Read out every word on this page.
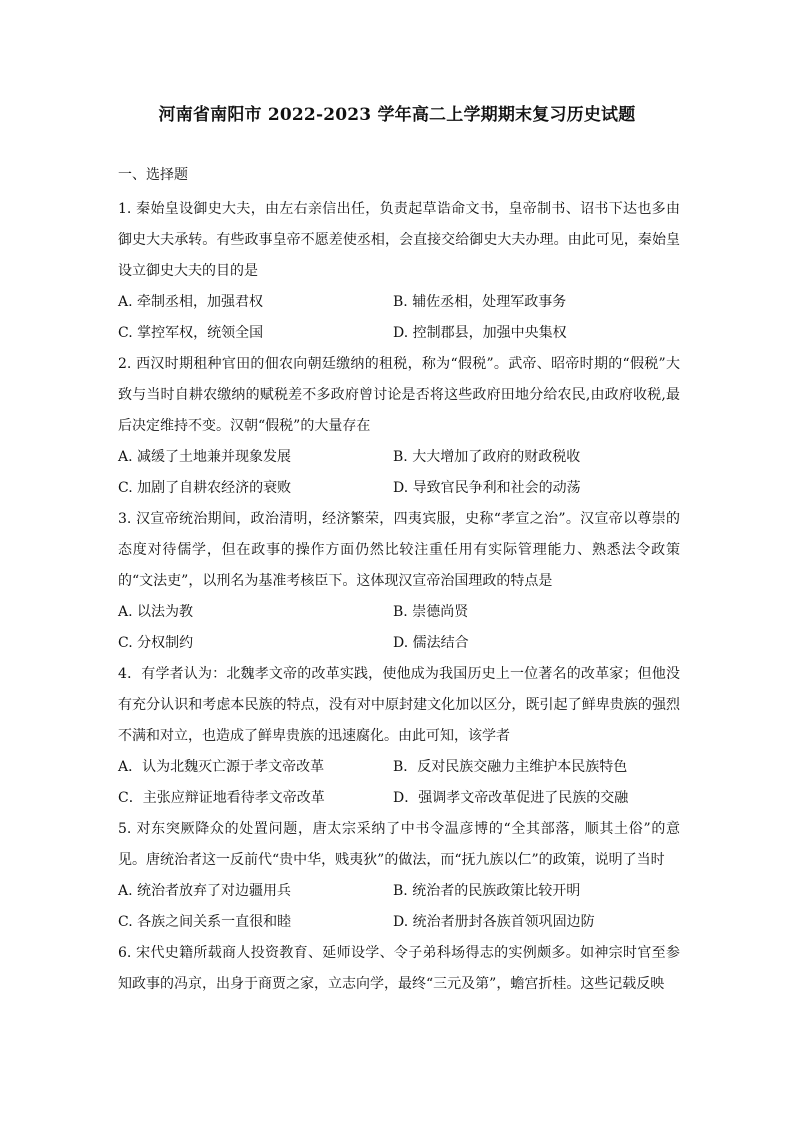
河南省南阳市 2022-2023 学年高二上学期期末复习历史试题
一、选择题

1. 秦始皇设御史大夫，由左右亲信出任，负责起草诰命文书，皇帝制书、诏书下达也多由御史大夫承转。有些政事皇帝不愿差使丞相，会直接交给御史大夫办理。由此可见，秦始皇设立御史大夫的目的是

A. 牵制丞相，加强君权	B. 辅佐丞相，处理军政事务
C. 掌控军权，统领全国	D. 控制郡县，加强中央集权

2. 西汉时期租种官田的佃农向朝廷缴纳的租税，称为“假税”。武帝、昭帝时期的“假税”大致与当时自耕农缴纳的赋税差不多政府曾讨论是否将这些政府田地分给农民,由政府收税,最后决定维持不变。汉朝“假税”的大量存在

A. 减缓了土地兼并现象发展	B. 大大增加了政府的财政税收
C. 加剧了自耕农经济的衰败	D. 导致官民争利和社会的动荡

3. 汉宣帝统治期间，政治清明，经济繁荣，四夷宾服，史称“孝宣之治”。汉宣帝以尊崇的态度对待儒学，但在政事的操作方面仍然比较注重任用有实际管理能力、熟悉法令政策的“文法吏”，以刑名为基准考核臣下。这体现汉宣帝治国理政的特点是

A. 以法为教	B. 崇德尚贤
C. 分权制约	D. 儒法结合

4．有学者认为：北魏孝文帝的改革实践，使他成为我国历史上一位著名的改革家；但他没有充分认识和考虑本民族的特点，没有对中原封建文化加以区分，既引起了鲜卑贵族的强烈不满和对立，也造成了鲜卑贵族的迅速腐化。由此可知，该学者

A．认为北魏灭亡源于孝文帝改革	B．反对民族交融力主维护本民族特色
C．主张应辩证地看待孝文帝改革	D．强调孝文帝改革促进了民族的交融

5. 对东突厥降众的处置问题，唐太宗采纳了中书令温彦博的“全其部落，顺其土俗”的意见。唐统治者这一反前代“贵中华，贱夷狄”的做法，而“抚九族以仁”的政策，说明了当时

A. 统治者放弃了对边疆用兵	B. 统治者的民族政策比较开明
C. 各族之间关系一直很和睦	D. 统治者册封各族首领巩固边防

6. 宋代史籍所载商人投资教育、延师设学、令子弟科场得志的实例颇多。如神宗时官至参知政事的冯京，出身于商贾之家，立志向学，最终“三元及第”，蟾宫折桂。这些记载反映
